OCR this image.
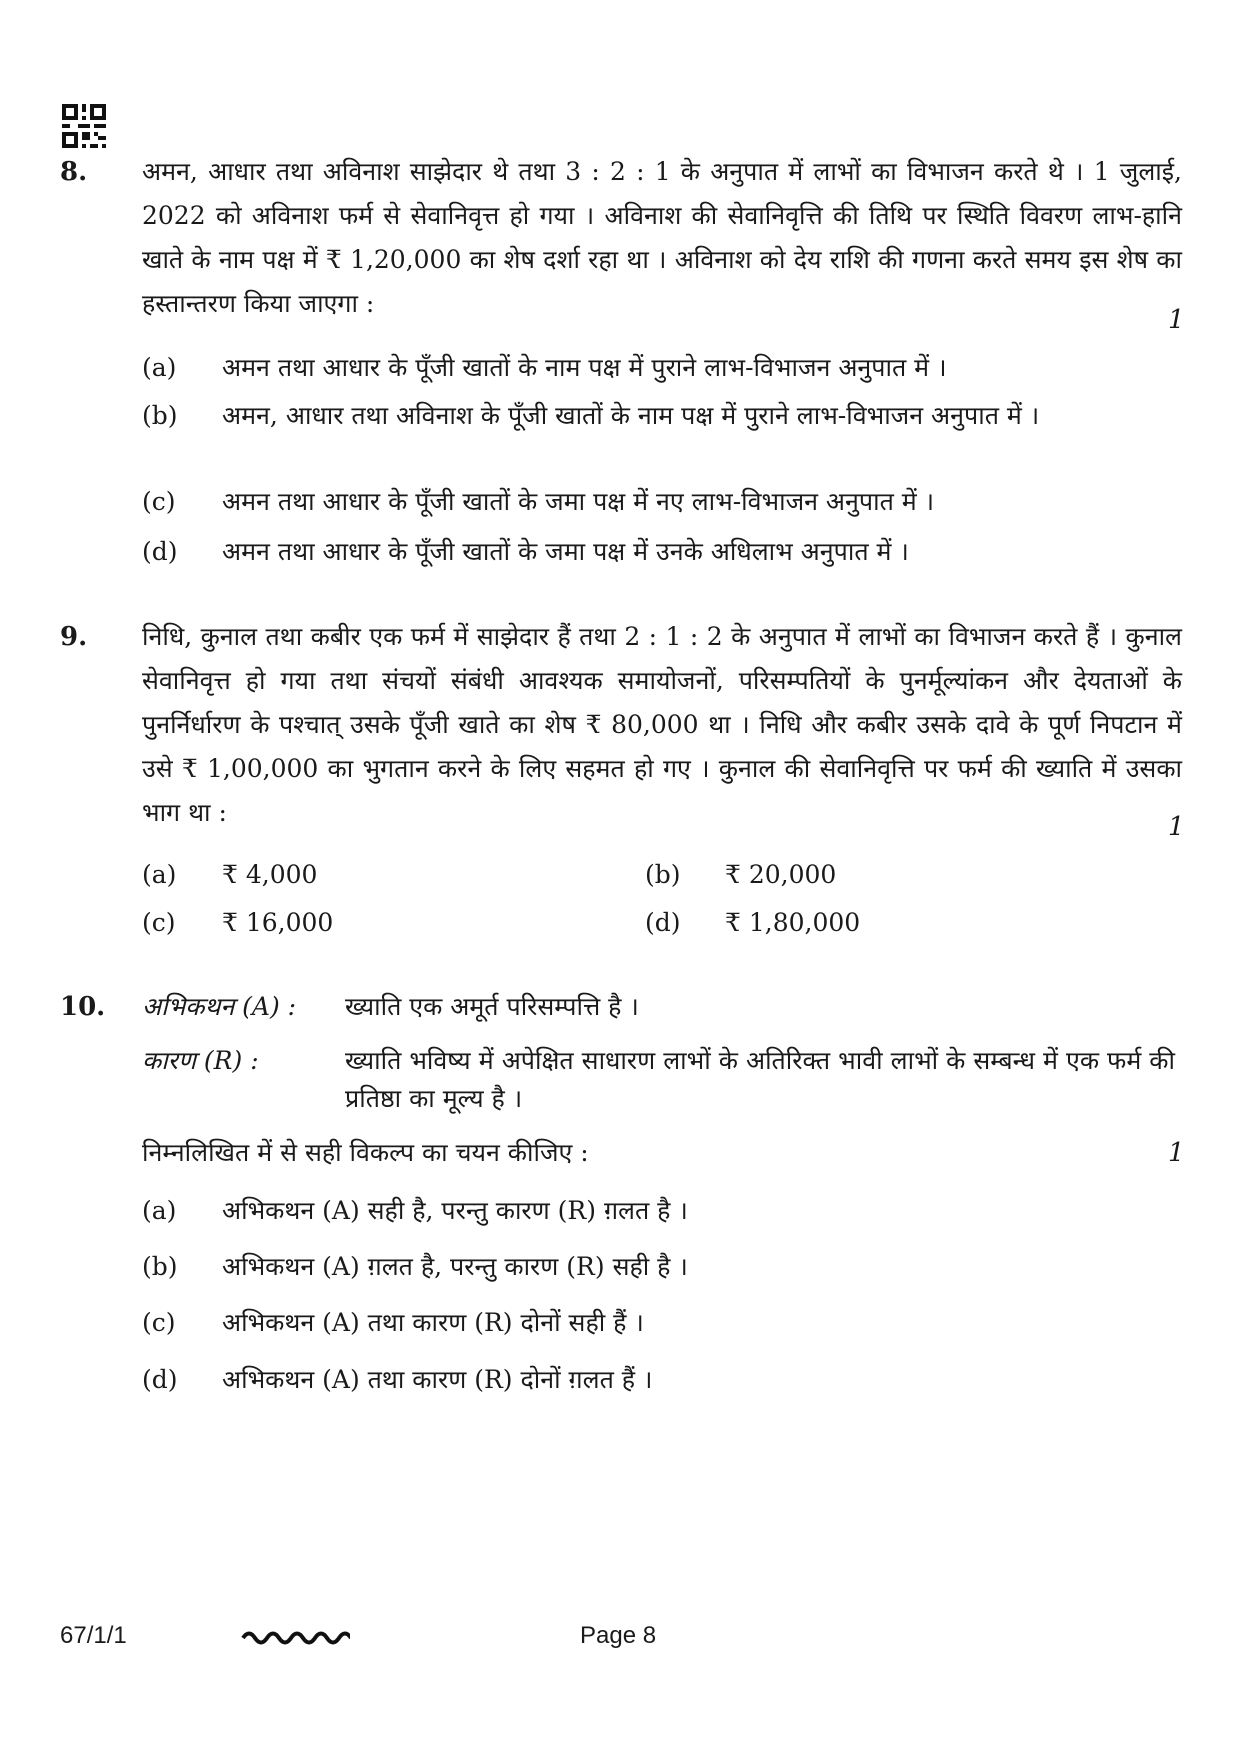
8. अमन, आधार तथा अविनाश साझेदार थे तथा 3 : 2 : 1 के अनुपात में लाभों का विभाजन करते थे । 1 जुलाई, 2022 को अविनाश फर्म से सेवानिवृत्त हो गया । अविनाश की सेवानिवृत्ति की तिथि पर स्थिति विवरण लाभ-हानि खाते के नाम पक्ष में ₹ 1,20,000 का शेष दर्शा रहा था । अविनाश को देय राशि की गणना करते समय इस शेष का हस्तान्तरण किया जाएगा :
1
(a) अमन तथा आधार के पूँजी खातों के नाम पक्ष में पुराने लाभ-विभाजन अनुपात में ।
(b) अमन, आधार तथा अविनाश के पूँजी खातों के नाम पक्ष में पुराने लाभ-विभाजन अनुपात में ।
(c) अमन तथा आधार के पूँजी खातों के जमा पक्ष में नए लाभ-विभाजन अनुपात में ।
(d) अमन तथा आधार के पूँजी खातों के जमा पक्ष में उनके अधिलाभ अनुपात में ।
9. निधि, कुनाल तथा कबीर एक फर्म में साझेदार हैं तथा 2 : 1 : 2 के अनुपात में लाभों का विभाजन करते हैं । कुनाल सेवानिवृत्त हो गया तथा संचयों संबंधी आवश्यक समायोजनों, परिसम्पतियों के पुनर्मूल्यांकन और देयताओं के पुनर्निर्धारण के पश्चात् उसके पूँजी खाते का शेष ₹ 80,000 था । निधि और कबीर उसके दावे के पूर्ण निपटान में उसे ₹ 1,00,000 का भुगतान करने के लिए सहमत हो गए । कुनाल की सेवानिवृत्ति पर फर्म की ख्याति में उसका भाग था :	1
(a) ₹ 4,000	(b) ₹ 20,000
(c) ₹ 16,000	(d) ₹ 1,80,000
10. अभिकथन (A) : ख्याति एक अमूर्त परिसम्पत्ति है ।
कारण (R) :	ख्याति भविष्य में अपेक्षित साधारण लाभों के अतिरिक्त भावी लाभों के सम्बन्ध में एक फर्म की प्रतिष्ठा का मूल्य है ।
निम्नलिखित में से सही विकल्प का चयन कीजिए :	1
(a) अभिकथन (A) सही है, परन्तु कारण (R) ग़लत है ।
(b) अभिकथन (A) ग़लत है, परन्तु कारण (R) सही है ।
(c) अभिकथन (A) तथा कारण (R) दोनों सही हैं ।
(d) अभिकथन (A) तथा कारण (R) दोनों ग़लत हैं ।
67/1/1	Page 8
